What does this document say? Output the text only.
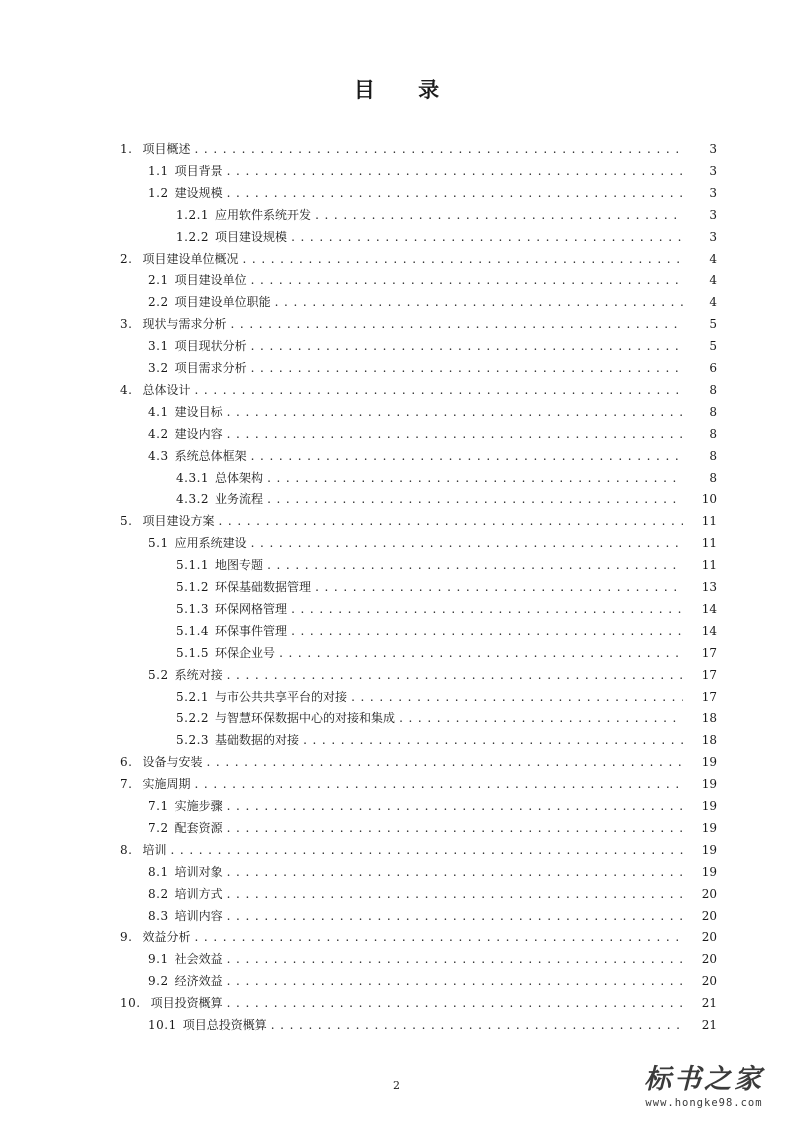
目 录
1. 项目概述 . . .	3
1.1 项目背景 . . .	3
1.2 建设规模 . . .	3
1.2.1 应用软件系统开发 . . .	3
1.2.2 项目建设规模 . . .	3
2. 项目建设单位概况 . . .	4
2.1 项目建设单位 . . .	4
2.2 项目建设单位职能 . . .	4
3. 现状与需求分析 . . .	5
3.1 项目现状分析 . . .	5
3.2 项目需求分析 . . .	6
4. 总体设计 . . .	8
4.1 建设目标 . . .	8
4.2 建设内容 . . .	8
4.3 系统总体框架 . . .	8
4.3.1 总体架构 . . .	8
4.3.2 业务流程 . . .	10
5. 项目建设方案 . . .	11
5.1 应用系统建设 . . .	11
5.1.1 地图专题 . . .	11
5.1.2 环保基础数据管理 . . .	13
5.1.3 环保网格管理 . . .	14
5.1.4 环保事件管理 . . .	14
5.1.5 环保企业号 . . .	17
5.2 系统对接 . . .	17
5.2.1 与市公共共享平台的对接 . . .	17
5.2.2 与智慧环保数据中心的对接和集成 . . .	18
5.2.3 基础数据的对接 . . .	18
6. 设备与安装 . . .	19
7. 实施周期 . . .	19
7.1 实施步骤 . . .	19
7.2 配套资源 . . .	19
8. 培训 . . .	19
8.1 培训对象 . . .	19
8.2 培训方式 . . .	20
8.3 培训内容 . . .	20
9. 效益分析 . . .	20
9.1 社会效益 . . .	20
9.2 经济效益 . . .	20
10. 项目投资概算 . . .	21
10.1 项目总投资概算 . . .	21
2	标书之家
www.hongke98.com
